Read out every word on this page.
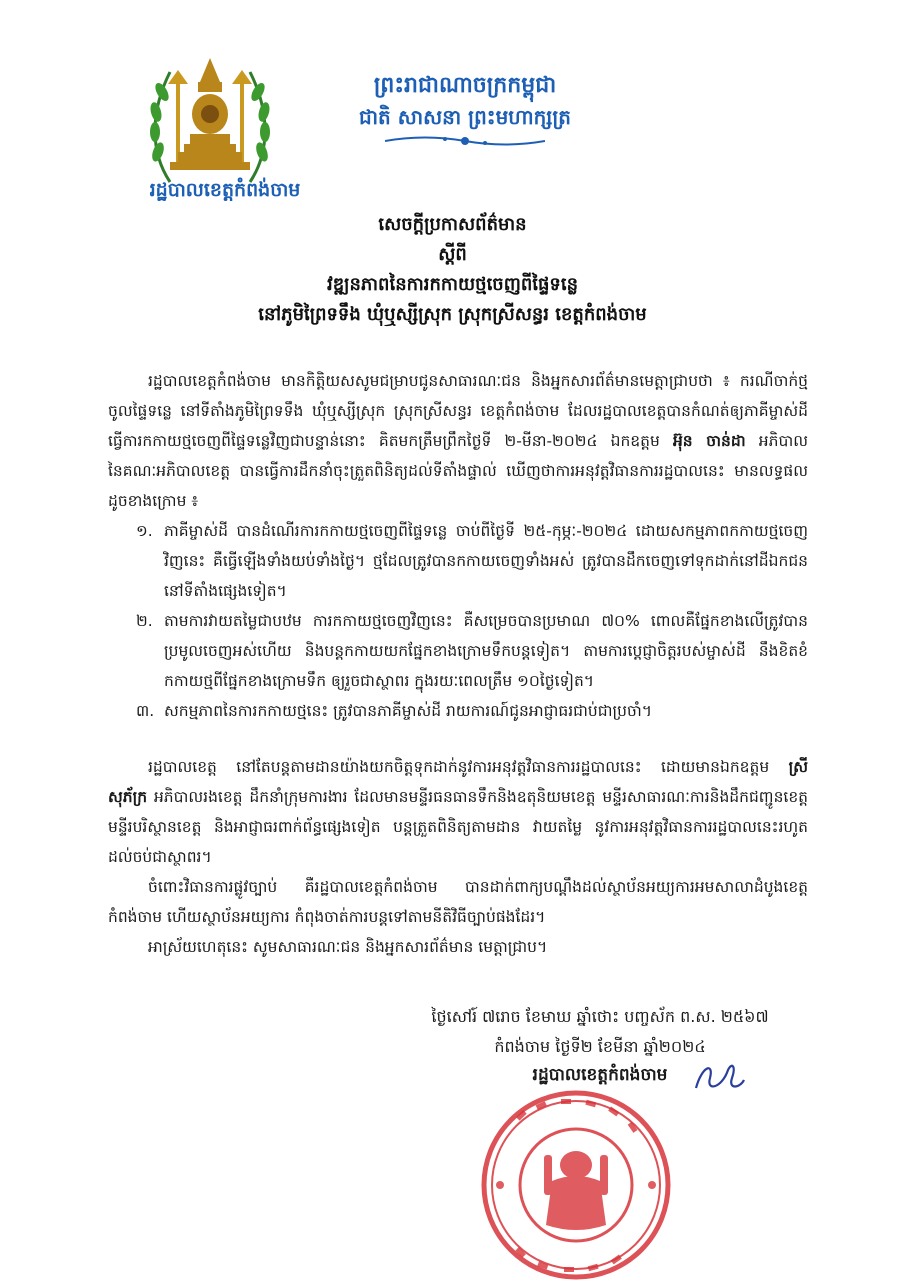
រដ្ឋបាលខេត្តកំពង់ចាម
ព្រះរាជាណាចក្រកម្ពុជា
ជាតិ សាសនា ព្រះមហាក្សត្រ
សេចក្តីប្រកាសព័ត៌មាន
ស្តីពី
វឌ្ឍនភាពនៃការកកាយថ្មចេញពីផ្ទៃទន្លេ
នៅភូមិព្រៃទទឹង ឃុំឬស្សីស្រុក ស្រុកស្រីសន្ធរ ខេត្តកំពង់ចាម

រដ្ឋបាលខេត្តកំពង់ចាម មានកិត្តិយសសូមជម្រាបជូនសាធារណៈជន និងអ្នកសារព័ត៌មានមេត្តាជ្រាបថា ៖ ករណីចាក់ថ្មចូលផ្ទៃទន្លេ នៅទីតាំងភូមិព្រៃទទឹង ឃុំឬស្សីស្រុក ស្រុកស្រីសន្ធរ ខេត្តកំពង់ចាម ដែលរដ្ឋបាលខេត្តបានកំណត់ឲ្យភាគីម្ចាស់ដី ធ្វើការកកាយថ្មចេញពីផ្ទៃទន្លេវិញជាបន្ទាន់នោះ គិតមកត្រឹមព្រឹកថ្ងៃទី ២-មីនា-២០២៤ ឯកឧត្តម អ៊ុន ចាន់ដា អភិបាល នៃគណៈអភិបាលខេត្ត បានធ្វើការដឹកនាំចុះត្រួតពិនិត្យដល់ទីតាំងផ្ទាល់ ឃើញថាការអនុវត្តវិធានការរដ្ឋបាលនេះ មានលទ្ធផលដូចខាងក្រោម ៖

១. ភាគីម្ចាស់ដី បានដំណើរការកកាយថ្មចេញពីផ្ទៃទន្លេ ចាប់ពីថ្ងៃទី ២៥-កុម្ភៈ-២០២៤ ដោយសកម្មភាពកកាយថ្មចេញវិញនេះ គឺធ្វើឡើងទាំងយប់ទាំងថ្ងៃ។ ថ្មដែលត្រូវបានកកាយចេញទាំងអស់ ត្រូវបានដឹកចេញទៅទុកដាក់នៅដីឯកជន នៅទីតាំងផ្សេងទៀត។
២. តាមការវាយតម្លៃជាបឋម ការកកាយថ្មចេញវិញនេះ គឺសម្រេចបានប្រមាណ ៧០% ពោលគឺផ្នែកខាងលើត្រូវបានប្រមូលចេញអស់ហើយ និងបន្តកកាយយកផ្នែកខាងក្រោមទឹកបន្តទៀត។ តាមការប្តេជ្ញាចិត្តរបស់ម្ចាស់ដី នឹងខិតខំកកាយថ្មពីផ្នែកខាងក្រោមទឹក ឲ្យរួចជាស្ថាពរ ក្នុងរយៈពេលត្រឹម ១០ថ្ងៃទៀត។
៣. សកម្មភាពនៃការកកាយថ្មនេះ ត្រូវបានភាគីម្ចាស់ដី រាយការណ៍ជូនអាជ្ញាធរជាប់ជាប្រចាំ។

រដ្ឋបាលខេត្ត នៅតែបន្តតាមដានយ៉ាងយកចិត្តទុកដាក់នូវការអនុវត្តវិធានការរដ្ឋបាលនេះ ដោយមានឯកឧត្តម ស្រី សុភ័ក្រ អភិបាលរងខេត្ត ដឹកនាំក្រុមការងារ ដែលមានមន្ទីរធនធានទឹកនិងឧតុនិយមខេត្ត មន្ទីរសាធារណៈការនិងដឹកជញ្ជូនខេត្ត មន្ទីរបរិស្ថានខេត្ត និងអាជ្ញាធរពាក់ព័ន្ធផ្សេងទៀត បន្តត្រួតពិនិត្យតាមដាន វាយតម្លៃ នូវការអនុវត្តវិធានការរដ្ឋបាលនេះរហូតដល់ចប់ជាស្ថាពរ។

ចំពោះវិធានការផ្លូវច្បាប់ គឺរដ្ឋបាលខេត្តកំពង់ចាម បានដាក់ពាក្យបណ្តឹងដល់ស្ថាប័នអយ្យការអមសាលាដំបូងខេត្តកំពង់ចាម ហើយស្ថាប័នអយ្យការ កំពុងចាត់ការបន្តទៅតាមនីតិវិធីច្បាប់ផងដែរ។

អាស្រ័យហេតុនេះ សូមសាធារណៈជន និងអ្នកសារព័ត៌មាន មេត្តាជ្រាប។

ថ្ងៃសៅរ៍ ៧រោច ខែមាឃ ឆ្នាំថោះ បញ្ចស័ក ព.ស. ២៥៦៧
កំពង់ចាម ថ្ងៃទី២ ខែមីនា ឆ្នាំ២០២៤
រដ្ឋបាលខេត្តកំពង់ចាម
